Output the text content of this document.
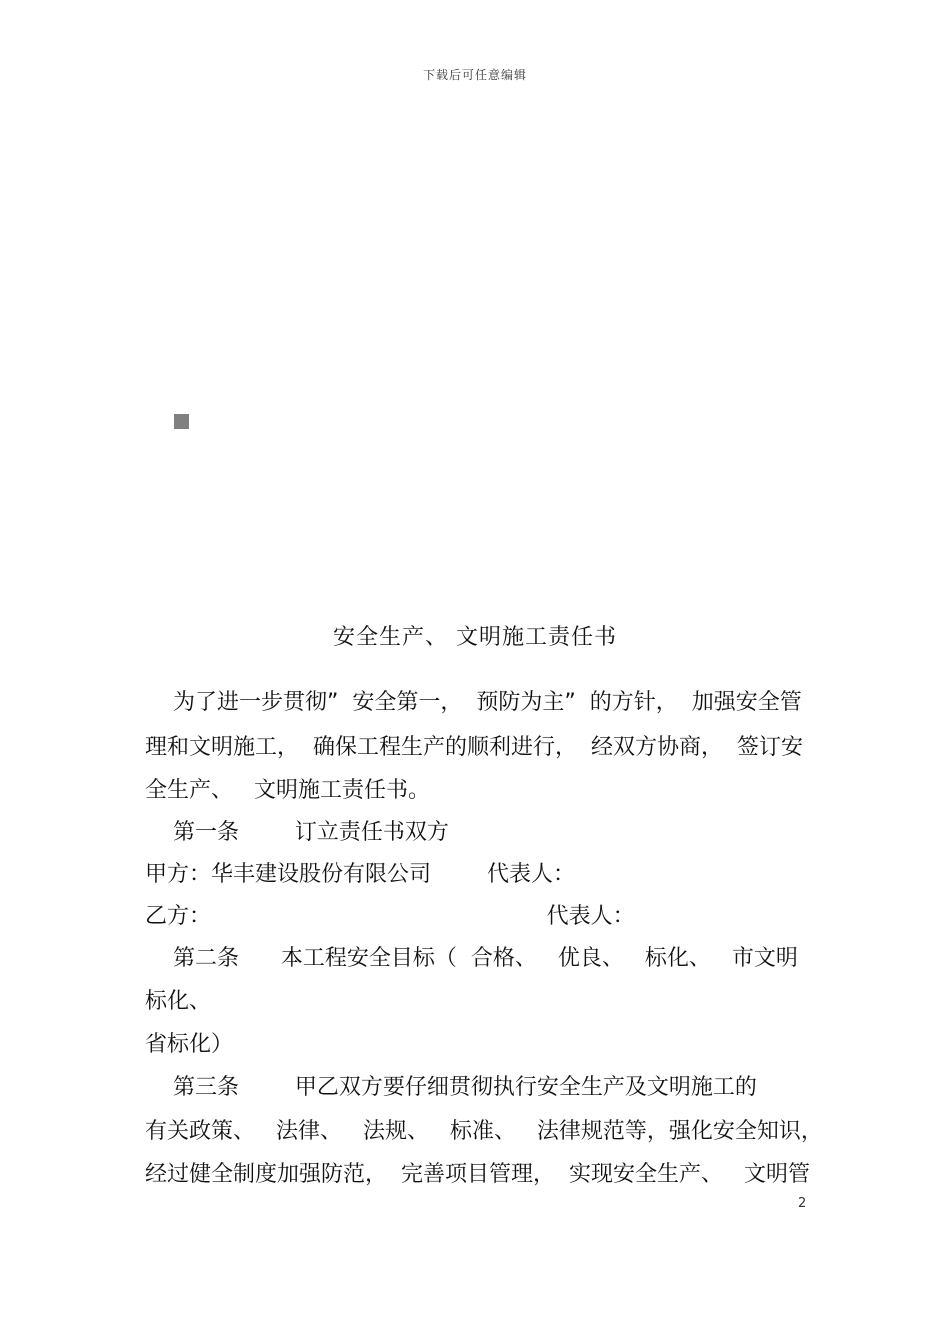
下载后可任意编辑
安全生产、 文明施工责任书
为了进一步贯彻”  安全第一，  预防为主”  的方针，  加强安全管
理和文明施工，  确保工程生产的顺利进行，  经双方协商，  签订安
全生产、   文明施工责任书。
第一条        订立责任书双方
甲方：华丰建设股份有限公司        代表人：
乙方：                                                代表人：
第二条      本工程安全目标（  合格、   优良、   标化、   市文明
标化、
省标化）
第三条        甲乙双方要仔细贯彻执行安全生产及文明施工的
有关政策、   法律、   法规、   标准、   法律规范等，强化安全知识，
经过健全制度加强防范，  完善项目管理，  实现安全生产、   文明管
2
